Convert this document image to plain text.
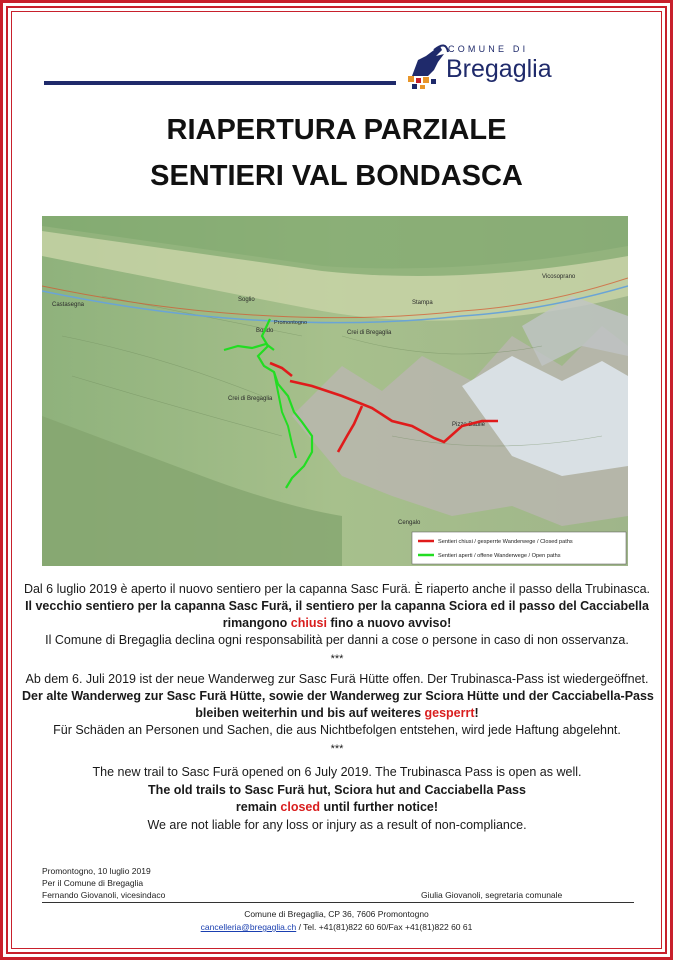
COMUNE DI
Bregaglia
RIAPERTURA PARZIALE
SENTIERI VAL BONDASCA
Castasegna
Soglio
Bondo
Promontogno
Stampa
Vicosoprano
Crei di Bregaglia
Crei di Bregaglia
Pizzo Badile
Cengalo
Sentieri chiusi / gesperrte Wanderwege / Closed paths
Sentieri aperti / offene Wanderwege / Open paths
Dal 6 luglio 2019 è aperto il nuovo sentiero per la capanna Sasc Furä. È riaperto anche il passo della Trubinasca.
Il vecchio sentiero per la capanna Sasc Furä, il sentiero per la capanna Sciora ed il passo del Cacciabella
rimangono chiusi fino a nuovo avviso!
Il Comune di Bregaglia declina ogni responsabilità per danni a cose o persone in caso di non osservanza.
***
Ab dem 6. Juli 2019 ist der neue Wanderweg zur Sasc Furä Hütte offen. Der Trubinasca-Pass ist wiedergeöffnet.
Der alte Wanderweg zur Sasc Furä Hütte, sowie der Wanderweg zur Sciora Hütte und der Cacciabella-Pass
bleiben weiterhin und bis auf weiteres gesperrt!
Für Schäden an Personen und Sachen, die aus Nichtbefolgen entstehen, wird jede Haftung abgelehnt.
***
The new trail to Sasc Furä opened on 6 July 2019. The Trubinasca Pass is open as well.
The old trails to Sasc Furä hut, Sciora hut and Cacciabella Pass
remain closed until further notice!
We are not liable for any loss or injury as a result of non-compliance.
Promontogno, 10 luglio 2019
Per il Comune di Bregaglia
Fernando Giovanoli, vicesindaco	Giulia Giovanoli, segretaria comunale
Comune di Bregaglia, CP 36, 7606 Promontogno
cancelleria@bregaglia.ch / Tel. +41(81)822 60 60/Fax +41(81)822 60 61
